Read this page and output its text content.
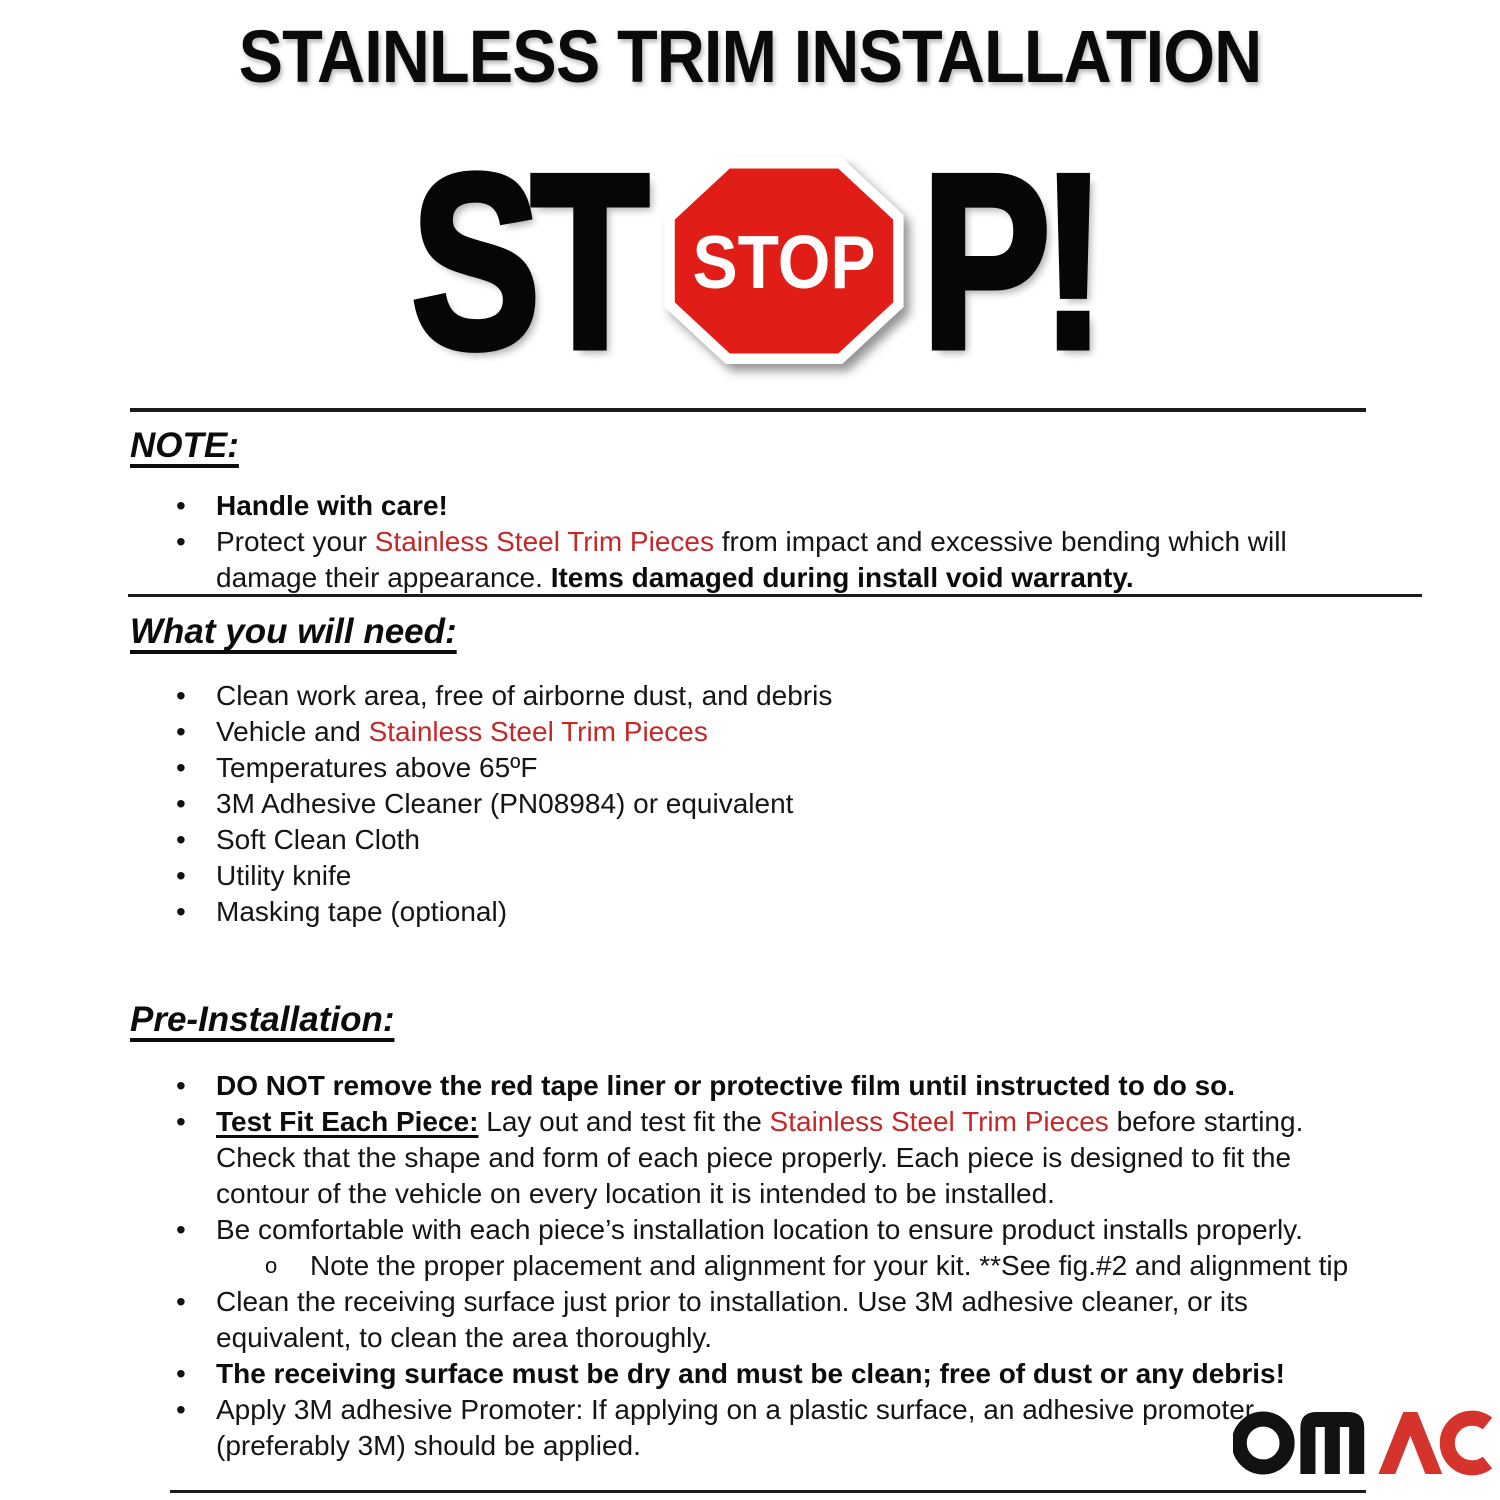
STAINLESS TRIM INSTALLATION
ST STOP P!
NOTE:
•	Handle with care!
•	Protect your Stainless Steel Trim Pieces from impact and excessive bending which will damage their appearance. Items damaged during install void warranty.
What you will need:
•	Clean work area, free of airborne dust, and debris
•	Vehicle and Stainless Steel Trim Pieces
•	Temperatures above 65ºF
•	3M Adhesive Cleaner (PN08984) or equivalent
•	Soft Clean Cloth
•	Utility knife
•	Masking tape (optional)
Pre-Installation:
•	DO NOT remove the red tape liner or protective film until instructed to do so.
•	Test Fit Each Piece: Lay out and test fit the Stainless Steel Trim Pieces before starting. Check that the shape and form of each piece properly. Each piece is designed to fit the contour of the vehicle on every location it is intended to be installed.
•	Be comfortable with each piece’s installation location to ensure product installs properly.
o	Note the proper placement and alignment for your kit. **See fig.#2 and alignment tip
•	Clean the receiving surface just prior to installation. Use 3M adhesive cleaner, or its equivalent, to clean the area thoroughly.
•	The receiving surface must be dry and must be clean; free of dust or any debris!
•	Apply 3M adhesive Promoter: If applying on a plastic surface, an adhesive promoter (preferably 3M) should be applied.
